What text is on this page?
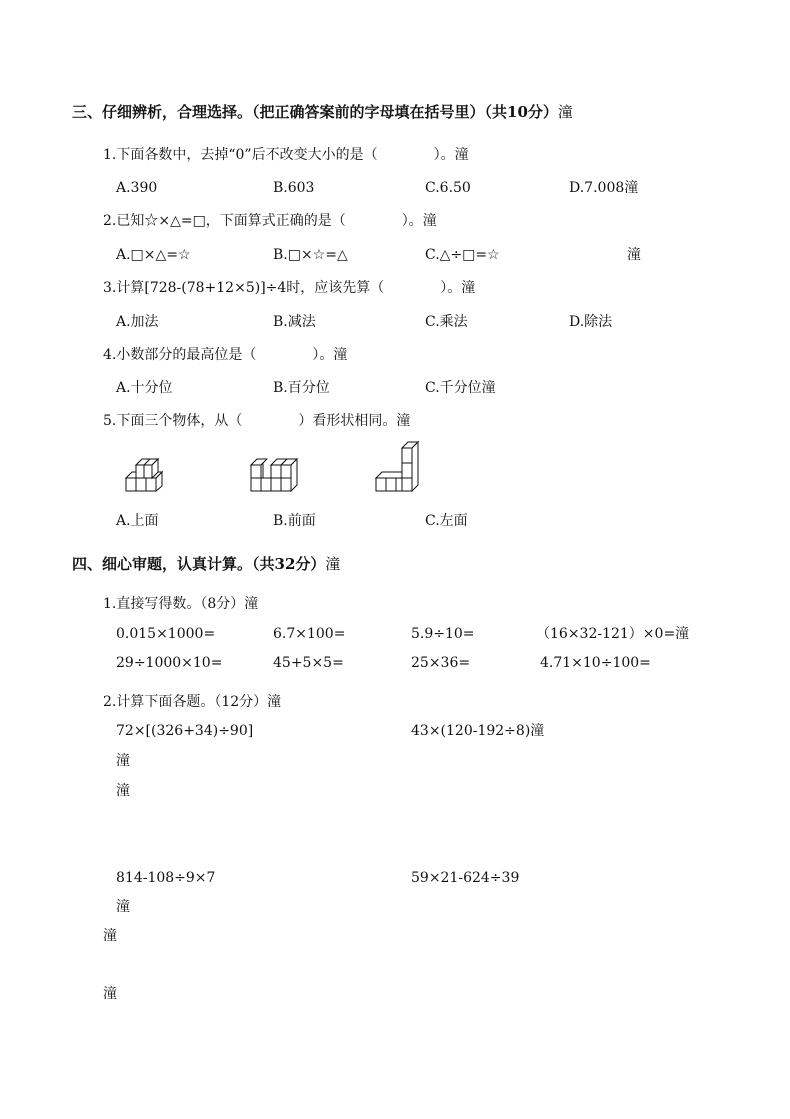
三、仔细辨析，合理选择。（把正确答案前的字母填在括号里）（共10分）潼
1.下面各数中，去掉“0”后不改变大小的是（　　　　）。潼
A.390	B.603	C.6.50	D.7.008潼
2.已知☆×△=□，下面算式正确的是（　　　　）。潼
A.□×△=☆	B.□×☆=△	C.△÷□=☆	潼
3.计算[728-(78+12×5)]÷4时，应该先算（　　　　）。潼
A.加法	B.减法	C.乘法	D.除法
4.小数部分的最高位是（　　　　）。潼
A.十分位	B.百分位	C.千分位潼
5.下面三个物体，从（　　　　）看形状相同。潼
A.上面	B.前面	C.左面
四、细心审题，认真计算。（共32分）潼
1.直接写得数。（8分）潼
0.015×1000=	6.7×100=	5.9÷10=	（16×32-121）×0=潼
29÷1000×10=	45+5×5=	25×36=	4.71×10÷100=
2.计算下面各题。（12分）潼
72×[(326+34)÷90]	43×(120-192÷8)潼
潼
潼
814-108÷9×7	59×21-624÷39
潼
潼
潼
